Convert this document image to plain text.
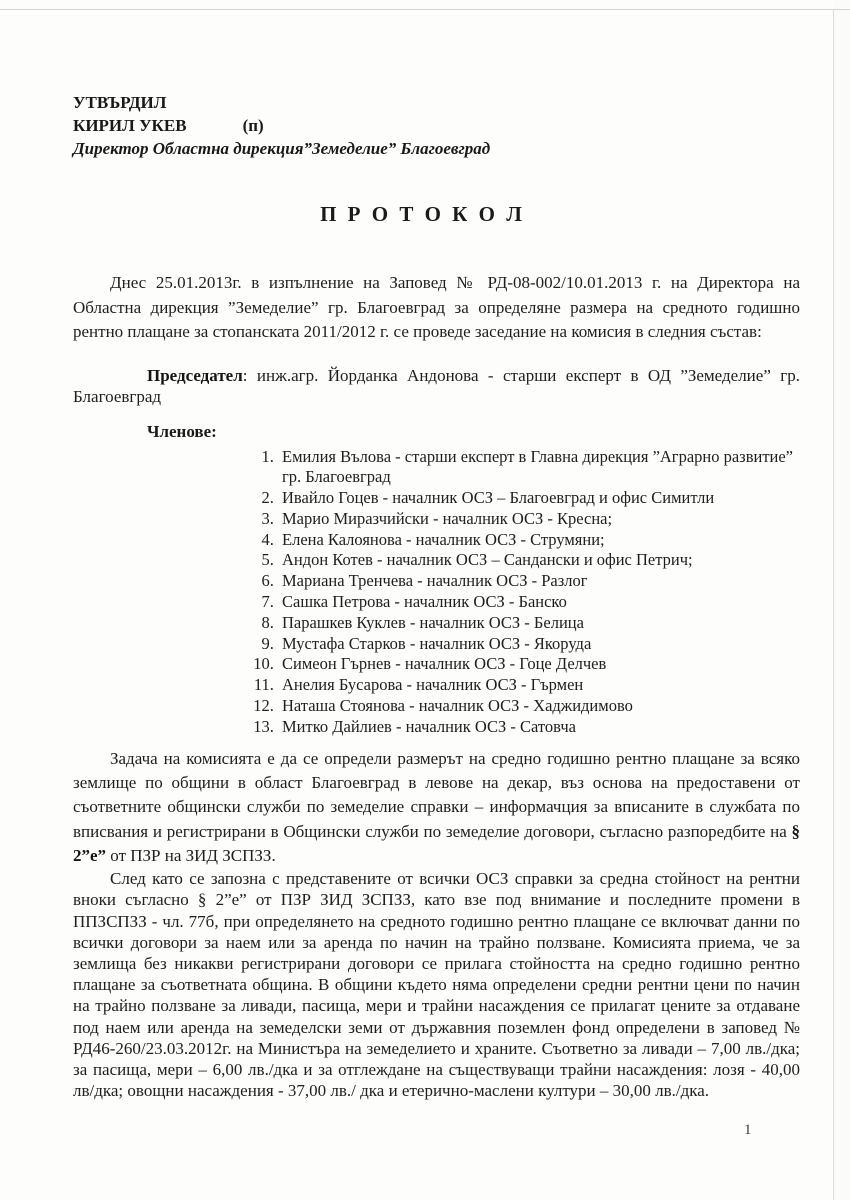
УТВЪРДИЛ
КИРИЛ УКЕВ	(п)
Директор Областна дирекция”Земеделие” Благоевград
П Р О Т О К О Л

Днес 25.01.2013г. в изпълнение на Заповед № РД-08-002/10.01.2013 г. на Директора на Областна дирекция ”Земеделие” гр. Благоевград за определяне размера на средното годишно рентно плащане за стопанската 2011/2012 г. се проведе заседание на комисия в следния състав:

Председател: инж.агр. Йорданка Андонова - старши експерт в ОД ”Земеделие” гр. Благоевград

Членове:
1. Емилия Вълова - старши експерт в Главна дирекция ”Аграрно развитие” гр. Благоевград
2. Ивайло Гоцев - началник ОСЗ – Благоевград и офис Симитли
3. Марио Миразчийски - началник ОСЗ - Кресна;
4. Елена Калоянова - началник ОСЗ - Струмяни;
5. Андон Котев - началник ОСЗ – Сандански и офис Петрич;
6. Мариана Тренчева - началник ОСЗ - Разлог
7. Сашка Петрова - началник ОСЗ - Банско
8. Парашкев Куклев - началник ОСЗ - Белица
9. Мустафа Старков - началник ОСЗ - Якоруда
10. Симеон Гърнев - началник ОСЗ - Гоце Делчев
11. Анелия Бусарова - началник ОСЗ - Гърмен
12. Наташа Стоянова - началник ОСЗ - Хаджидимово
13. Митко Дайлиев - началник ОСЗ - Сатовча

Задача на комисията е да се определи размерът на средно годишно рентно плащане за всяко землище по общини в област Благоевград в левове на декар, въз основа на предоставени от съответните общински служби по земеделие справки – информачция за вписаните в службата по вписвания и регистрирани в Общински служби по земеделие договори, съгласно разпоредбите на § 2”е” от ПЗР на ЗИД ЗСПЗЗ.

След като се запозна с представените от всички ОСЗ справки за средна стойност на рентни вноки съгласно § 2”е” от ПЗР ЗИД ЗСПЗЗ, като взе под внимание и последните промени в ППЗСПЗЗ - чл. 77б, при определянето на средното годишно рентно плащане се включват данни по всички договори за наем или за аренда по начин на трайно ползване. Комисията приема, че за землища без никакви регистрирани договори се прилага стойността на средно годишно рентно плащане за съответната община. В общини където няма определени средни рентни цени по начин на трайно ползване за ливади, пасища, мери и трайни насаждения се прилагат цените за отдаване под наем или аренда на земеделски земи от държавния поземлен фонд определени в заповед № РД46-260/23.03.2012г. на Министъра на земеделието и храните. Съответно за ливади – 7,00 лв./дка; за пасища, мери – 6,00 лв./дка и за отглеждане на съществуващи трайни насаждения: лозя - 40,00 лв/дка; овощни насаждения - 37,00 лв./ дка и етерично-маслени култури – 30,00 лв./дка.

1
